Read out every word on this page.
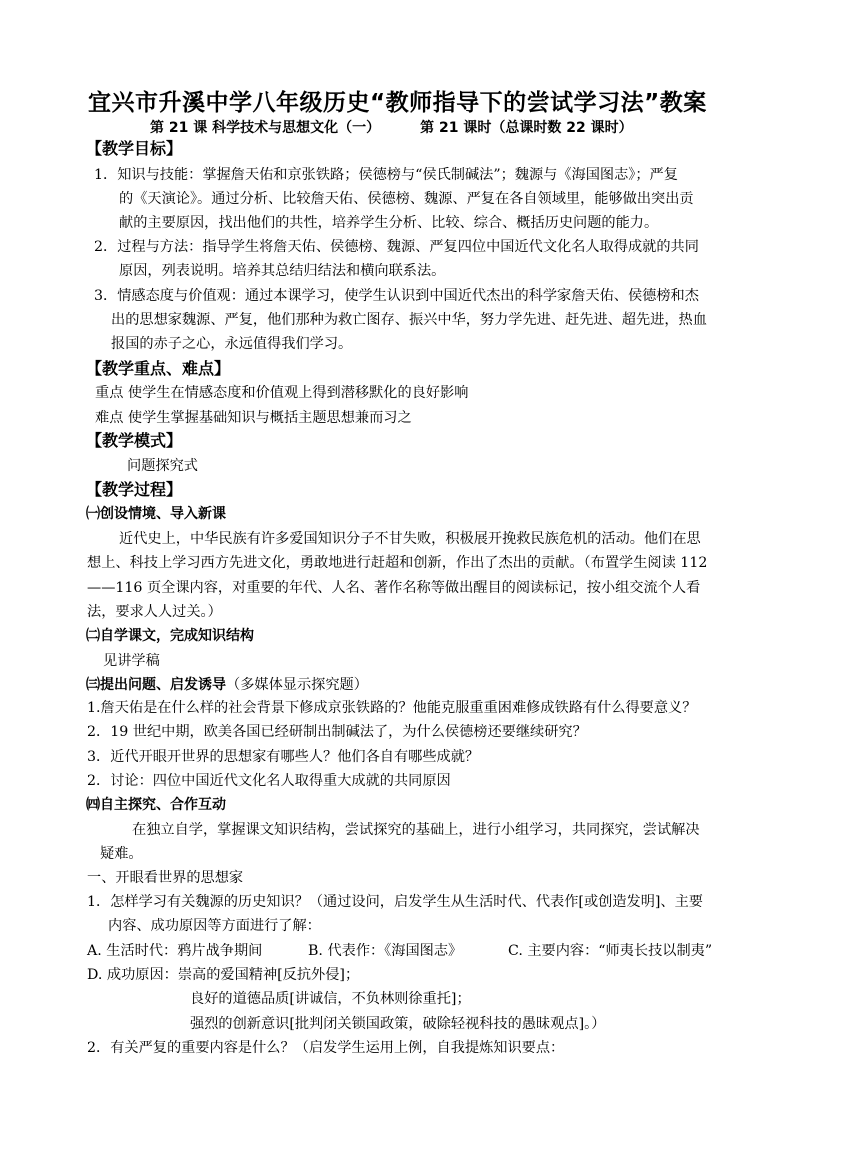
宜兴市升溪中学八年级历史“教师指导下的尝试学习法”教案
第 21 课 科学技术与思想文化（一）	第 21 课时（总课时数 22 课时）
【教学目标】
1．知识与技能：掌握詹天佑和京张铁路；侯德榜与“侯氏制碱法”；魏源与《海国图志》；严复
的《天演论》。通过分析、比较詹天佑、侯德榜、魏源、严复在各自领域里，能够做出突出贡
献的主要原因，找出他们的共性，培养学生分析、比较、综合、概括历史问题的能力。
2．过程与方法：指导学生将詹天佑、侯德榜、魏源、严复四位中国近代文化名人取得成就的共同
原因，列表说明。培养其总结归结法和横向联系法。
3．情感态度与价值观：通过本课学习，使学生认识到中国近代杰出的科学家詹天佑、侯德榜和杰
出的思想家魏源、严复，他们那种为救亡图存、振兴中华，努力学先进、赶先进、超先进，热血
报国的赤子之心，永远值得我们学习。
【教学重点、难点】
重点 使学生在情感态度和价值观上得到潜移默化的良好影响
难点 使学生掌握基础知识与概括主题思想兼而习之
【教学模式】
问题探究式
【教学过程】
㈠创设情境、导入新课
近代史上，中华民族有许多爱国知识分子不甘失败，积极展开挽救民族危机的活动。他们在思
想上、科技上学习西方先进文化，勇敢地进行赶超和创新，作出了杰出的贡献。（布置学生阅读 112
——116 页全课内容，对重要的年代、人名、著作名称等做出醒目的阅读标记，按小组交流个人看
法，要求人人过关。）
㈡自学课文，完成知识结构
见讲学稿
㈢提出问题、启发诱导（多媒体显示探究题）
1.詹天佑是在什么样的社会背景下修成京张铁路的？他能克服重重困难修成铁路有什么得要意义？
2．19 世纪中期，欧美各国已经研制出制碱法了，为什么侯德榜还要继续研究？
3．近代开眼开世界的思想家有哪些人？他们各自有哪些成就？
2．讨论：四位中国近代文化名人取得重大成就的共同原因
㈣自主探究、合作互动
在独立自学，掌握课文知识结构，尝试探究的基础上，进行小组学习，共同探究，尝试解决
疑难。
一、开眼看世界的思想家
1．怎样学习有关魏源的历史知识？（通过设问，启发学生从生活时代、代表作[或创造发明]、主要
内容、成功原因等方面进行了解：
A. 生活时代：鸦片战争期间	B. 代表作：《海国图志》	C. 主要内容：“师夷长技以制夷”
D. 成功原因：崇高的爱国精神[反抗外侵]；
良好的道德品质[讲诚信，不负林则徐重托]；
强烈的创新意识[批判闭关锁国政策，破除轻视科技的愚昧观点]。）
2．有关严复的重要内容是什么？（启发学生运用上例，自我提炼知识要点：
